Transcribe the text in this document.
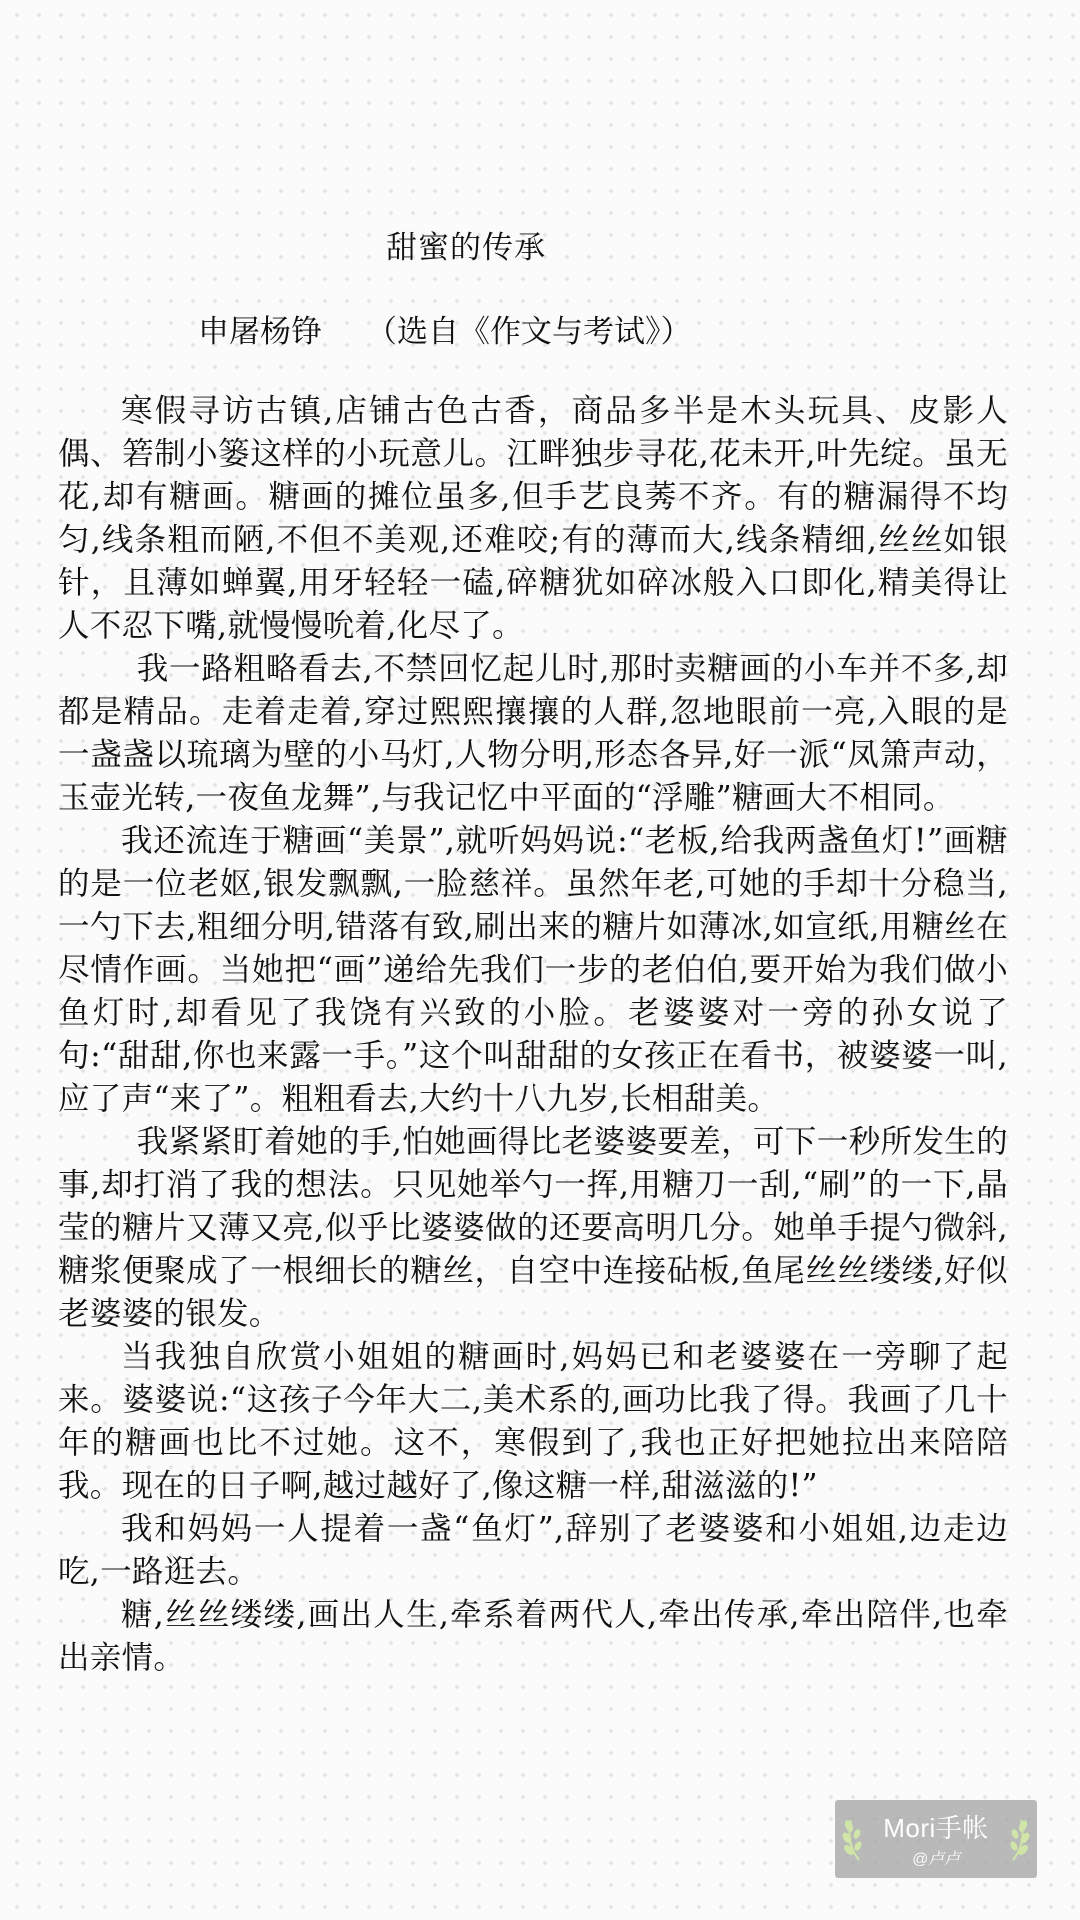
甜蜜的传承
申屠杨铮 （选自《作文与考试》）

寒假寻访古镇,店铺古色古香，商品多半是木头玩具、皮影人偶、箬制小篓这样的小玩意儿。江畔独步寻花,花未开,叶先绽。虽无花,却有糖画。糖画的摊位虽多,但手艺良莠不齐。有的糖漏得不均匀,线条粗而陋,不但不美观,还难咬;有的薄而大,线条精细,丝丝如银针，且薄如蝉翼,用牙轻轻一磕,碎糖犹如碎冰般入口即化,精美得让人不忍下嘴,就慢慢吮着,化尽了。

我一路粗略看去,不禁回忆起儿时,那时卖糖画的小车并不多,却都是精品。走着走着,穿过熙熙攘攘的人群,忽地眼前一亮,入眼的是一盏盏以琉璃为壁的小马灯,人物分明,形态各异,好一派“凤箫声动，玉壶光转,一夜鱼龙舞”,与我记忆中平面的“浮雕”糖画大不相同。

我还流连于糖画“美景”,就听妈妈说:“老板,给我两盏鱼灯!”画糖的是一位老妪,银发飘飘,一脸慈祥。虽然年老,可她的手却十分稳当,一勺下去,粗细分明,错落有致,刷出来的糖片如薄冰,如宣纸,用糖丝在尽情作画。当她把“画”递给先我们一步的老伯伯,要开始为我们做小鱼灯时,却看见了我饶有兴致的小脸。老婆婆对一旁的孙女说了句:“甜甜,你也来露一手。”这个叫甜甜的女孩正在看书，被婆婆一叫,应了声“来了”。粗粗看去,大约十八九岁,长相甜美。

我紧紧盯着她的手,怕她画得比老婆婆要差，可下一秒所发生的事,却打消了我的想法。只见她举勺一挥,用糖刀一刮,“刷”的一下,晶莹的糖片又薄又亮,似乎比婆婆做的还要高明几分。她单手提勺微斜,糖浆便聚成了一根细长的糖丝，自空中连接砧板,鱼尾丝丝缕缕,好似老婆婆的银发。

当我独自欣赏小姐姐的糖画时,妈妈已和老婆婆在一旁聊了起来。婆婆说:“这孩子今年大二,美术系的,画功比我了得。我画了几十年的糖画也比不过她。这不，寒假到了,我也正好把她拉出来陪陪我。现在的日子啊,越过越好了,像这糖一样,甜滋滋的!”

我和妈妈一人提着一盏“鱼灯”,辞别了老婆婆和小姐姐,边走边吃,一路逛去。

糖,丝丝缕缕,画出人生,牵系着两代人,牵出传承,牵出陪伴,也牵出亲情。

Mori手帐
@卢卢
